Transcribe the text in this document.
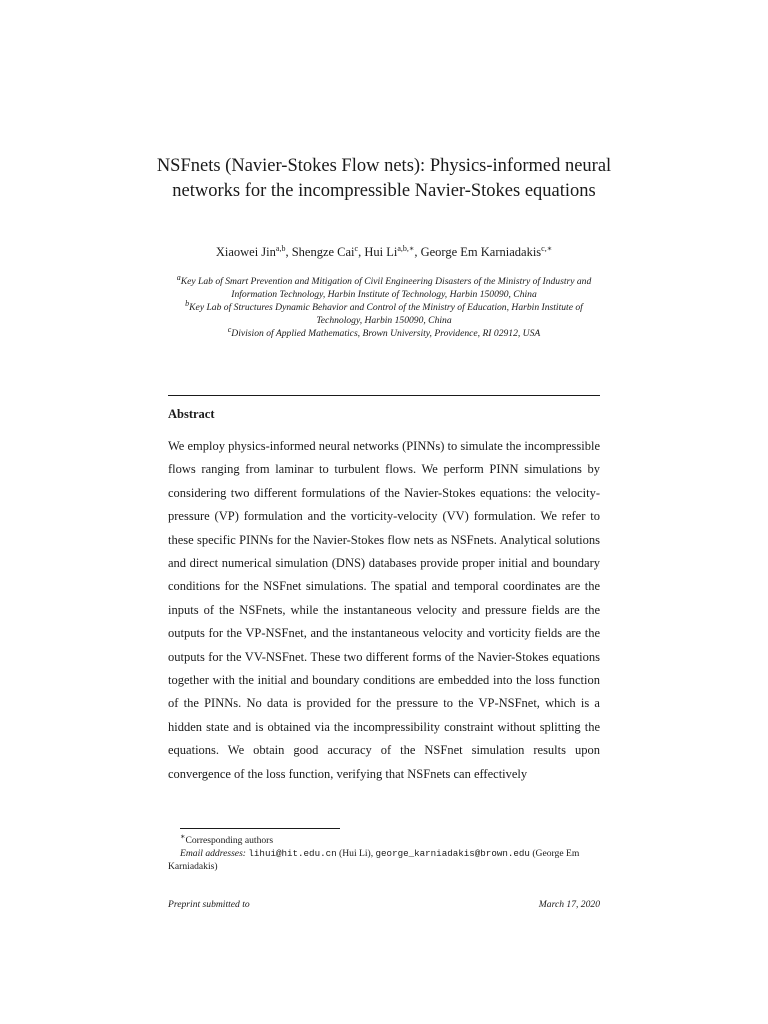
NSFnets (Navier-Stokes Flow nets): Physics-informed neural networks for the incompressible Navier-Stokes equations
Xiaowei Jin$^{a,b}$, Shengze Cai$^c$, Hui $Li^{a,b,∗}$, George Em Karniadakis$^{c,∗}$
$^a$Key Lab of Smart Prevention and Mitigation of Civil Engineering Disasters of the Ministry of Industry and Information Technology, Harbin Institute of Technology, Harbin 150090, China
$^b$Key Lab of Structures Dynamic Behavior and Control of the Ministry of Education, Harbin Institute of Technology, Harbin 150090, China
$^c$Division of Applied Mathematics, Brown University, Providence, RI 02912, USA
Abstract
We employ physics-informed neural networks (PINNs) to simulate the incompressible flows ranging from laminar to turbulent flows. We perform PINN simulations by considering two different formulations of the Navier-Stokes equations: the velocity-pressure (VP) formulation and the vorticity-velocity (VV) formulation. We refer to these specific PINNs for the Navier-Stokes flow nets as NSFnets. Analytical solutions and direct numerical simulation (DNS) databases provide proper initial and boundary conditions for the NSFnet simulations. The spatial and temporal coordinates are the inputs of the NSFnets, while the instantaneous velocity and pressure fields are the outputs for the VP-NSFnet, and the instantaneous velocity and vorticity fields are the outputs for the VV-NSFnet. These two different forms of the Navier-Stokes equations together with the initial and boundary conditions are embedded into the loss function of the PINNs. No data is provided for the pressure to the VP-NSFnet, which is a hidden state and is obtained via the incompressibility constraint without splitting the equations. We obtain good accuracy of the NSFnet simulation results upon convergence of the loss function, verifying that NSFnets can effectively
∗Corresponding authors
Email addresses: lihui@hit.edu.cn (Hui Li), george_karniadakis@brown.edu (George Em Karniadakis)
Preprint submitted to	March 17, 2020
